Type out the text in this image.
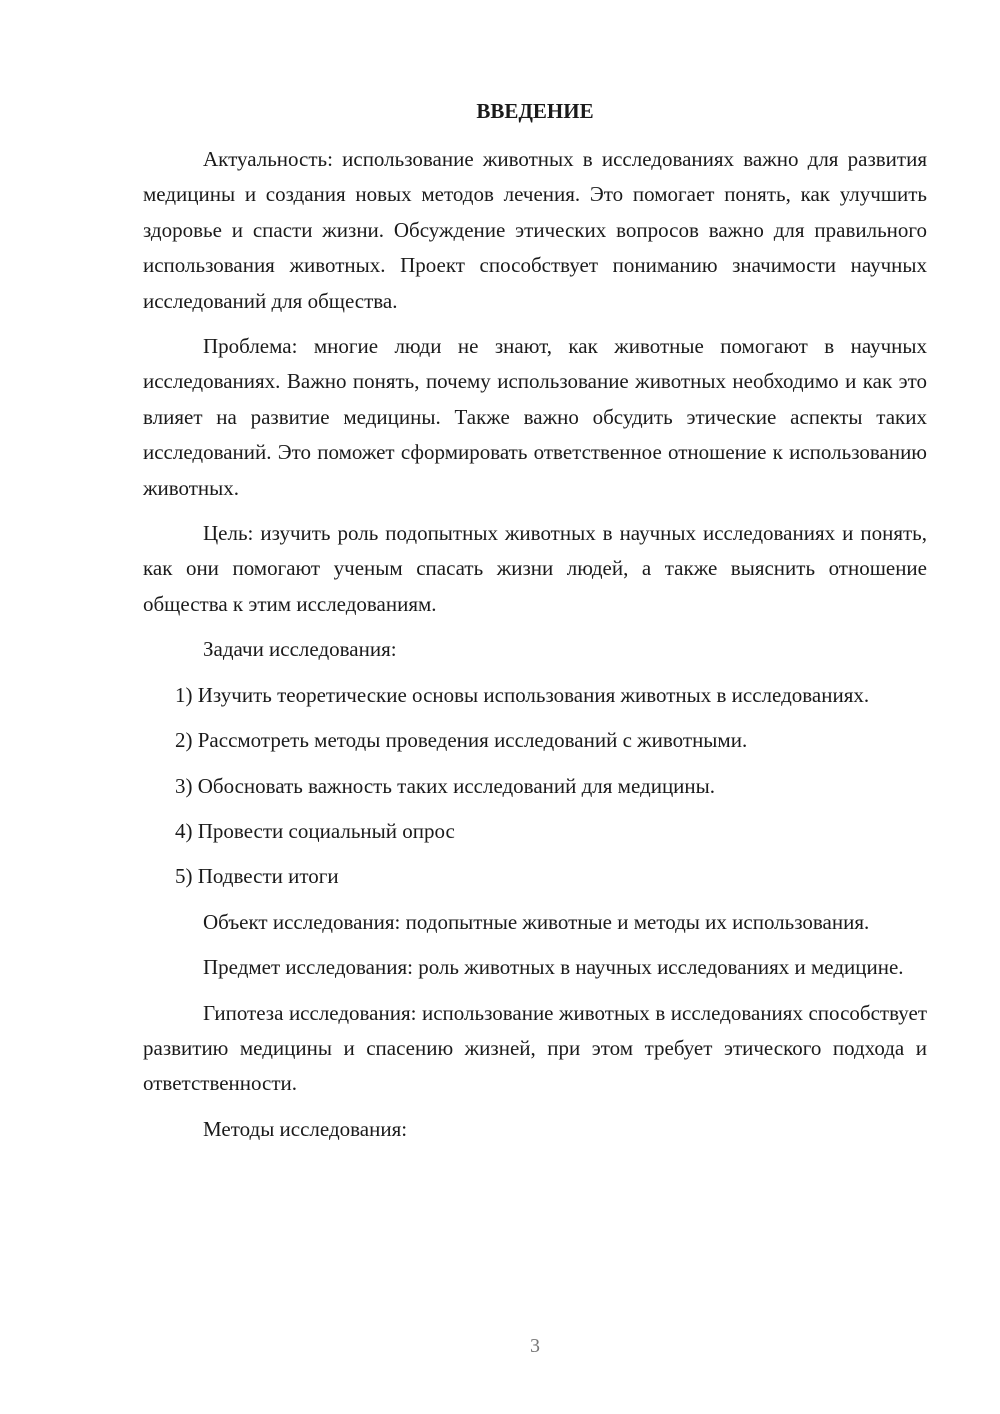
ВВЕДЕНИЕ

Актуальность: использование животных в исследованиях важно для развития медицины и создания новых методов лечения. Это помогает понять, как улучшить здоровье и спасти жизни. Обсуждение этических вопросов важно для правильного использования животных. Проект способствует пониманию значимости научных исследований для общества.

Проблема: многие люди не знают, как животные помогают в научных исследованиях. Важно понять, почему использование животных необходимо и как это влияет на развитие медицины. Также важно обсудить этические аспекты таких исследований. Это поможет сформировать ответственное отношение к использованию животных.

Цель: изучить роль подопытных животных в научных исследованиях и понять, как они помогают ученым спасать жизни людей, а также выяснить отношение общества к этим исследованиям.

Задачи исследования:

1) Изучить теоретические основы использования животных в исследованиях.

2) Рассмотреть методы проведения исследований с животными.

3) Обосновать важность таких исследований для медицины.

4) Провести социальный опрос

5) Подвести итоги

Объект исследования: подопытные животные и методы их использования.

Предмет исследования: роль животных в научных исследованиях и медицине.

Гипотеза исследования: использование животных в исследованиях способствует развитию медицины и спасению жизней, при этом требует этического подхода и ответственности.

Методы исследования:

3
